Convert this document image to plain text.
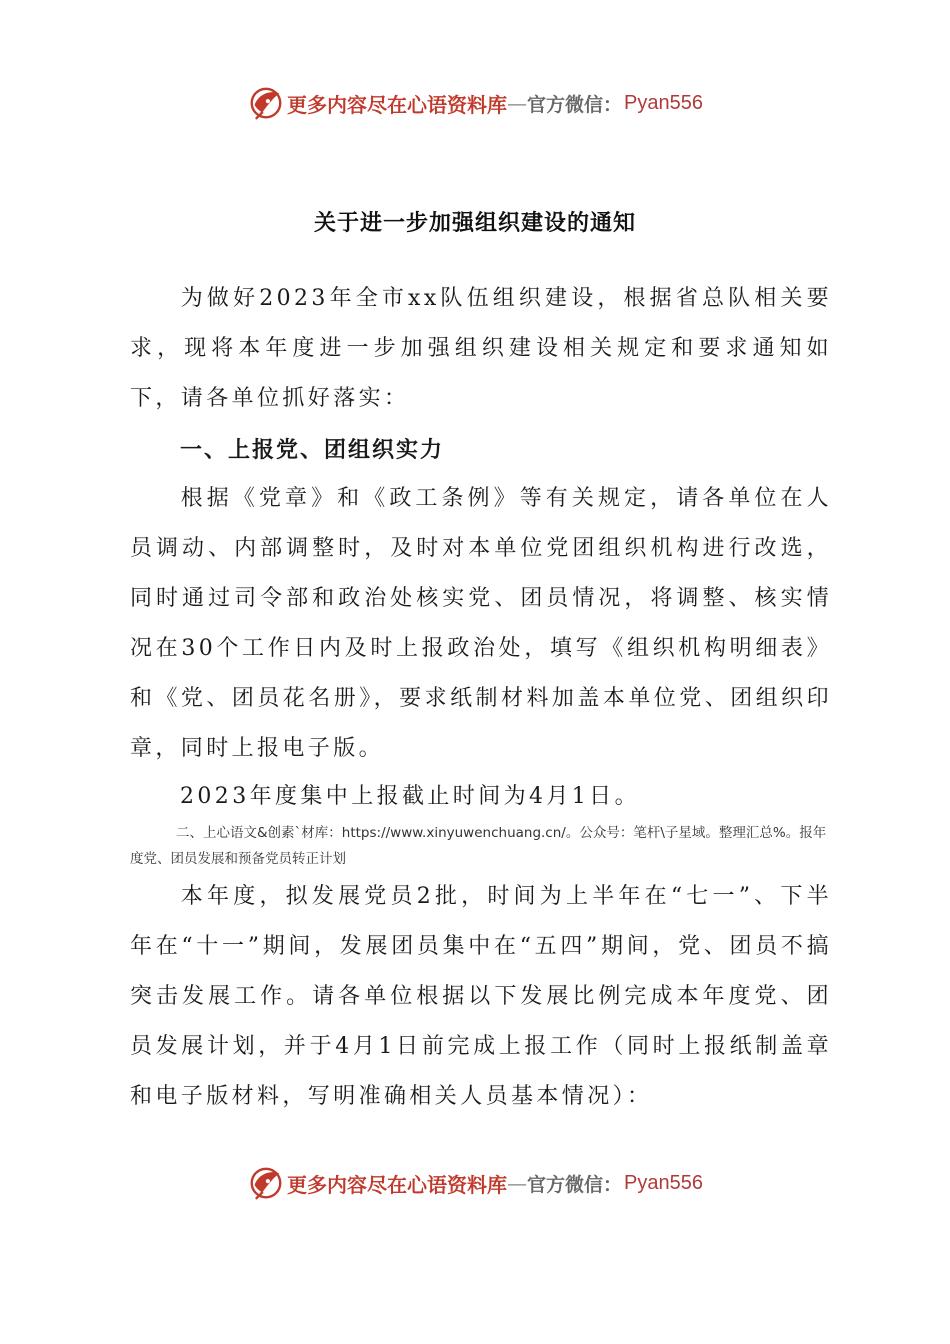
更多内容尽在心语资料库 — 官方微信： Pyan556
关于进一步加强组织建设的通知

为做好2023年全市xx队伍组织建设，根据省总队相关要求，现将本年度进一步加强组织建设相关规定和要求通知如下，请各单位抓好落实：

一、上报党、团组织实力

根据《党章》和《政工条例》等有关规定，请各单位在人员调动、内部调整时，及时对本单位党团组织机构进行改选，同时通过司令部和政治处核实党、团员情况，将调整、核实情况在30个工作日内及时上报政治处，填写《组织机构明细表》和《党、团员花名册》，要求纸制材料加盖本单位党、团组织印章，同时上报电子版。

2023年度集中上报截止时间为4月1日。

二、上心语文&创素`材库：https://www.xinyuwenchuang.cn/。公众号：笔杆\子星域。整理汇总%。报年度党、团员发展和预备党员转正计划

本年度，拟发展党员2批，时间为上半年在“七一”、下半年在“十一”期间，发展团员集中在“五四”期间，党、团员不搞突击发展工作。请各单位根据以下发展比例完成本年度党、团员发展计划，并于4月1日前完成上报工作（同时上报纸制盖章和电子版材料，写明准确相关人员基本情况）：

更多内容尽在心语资料库 — 官方微信： Pyan556
